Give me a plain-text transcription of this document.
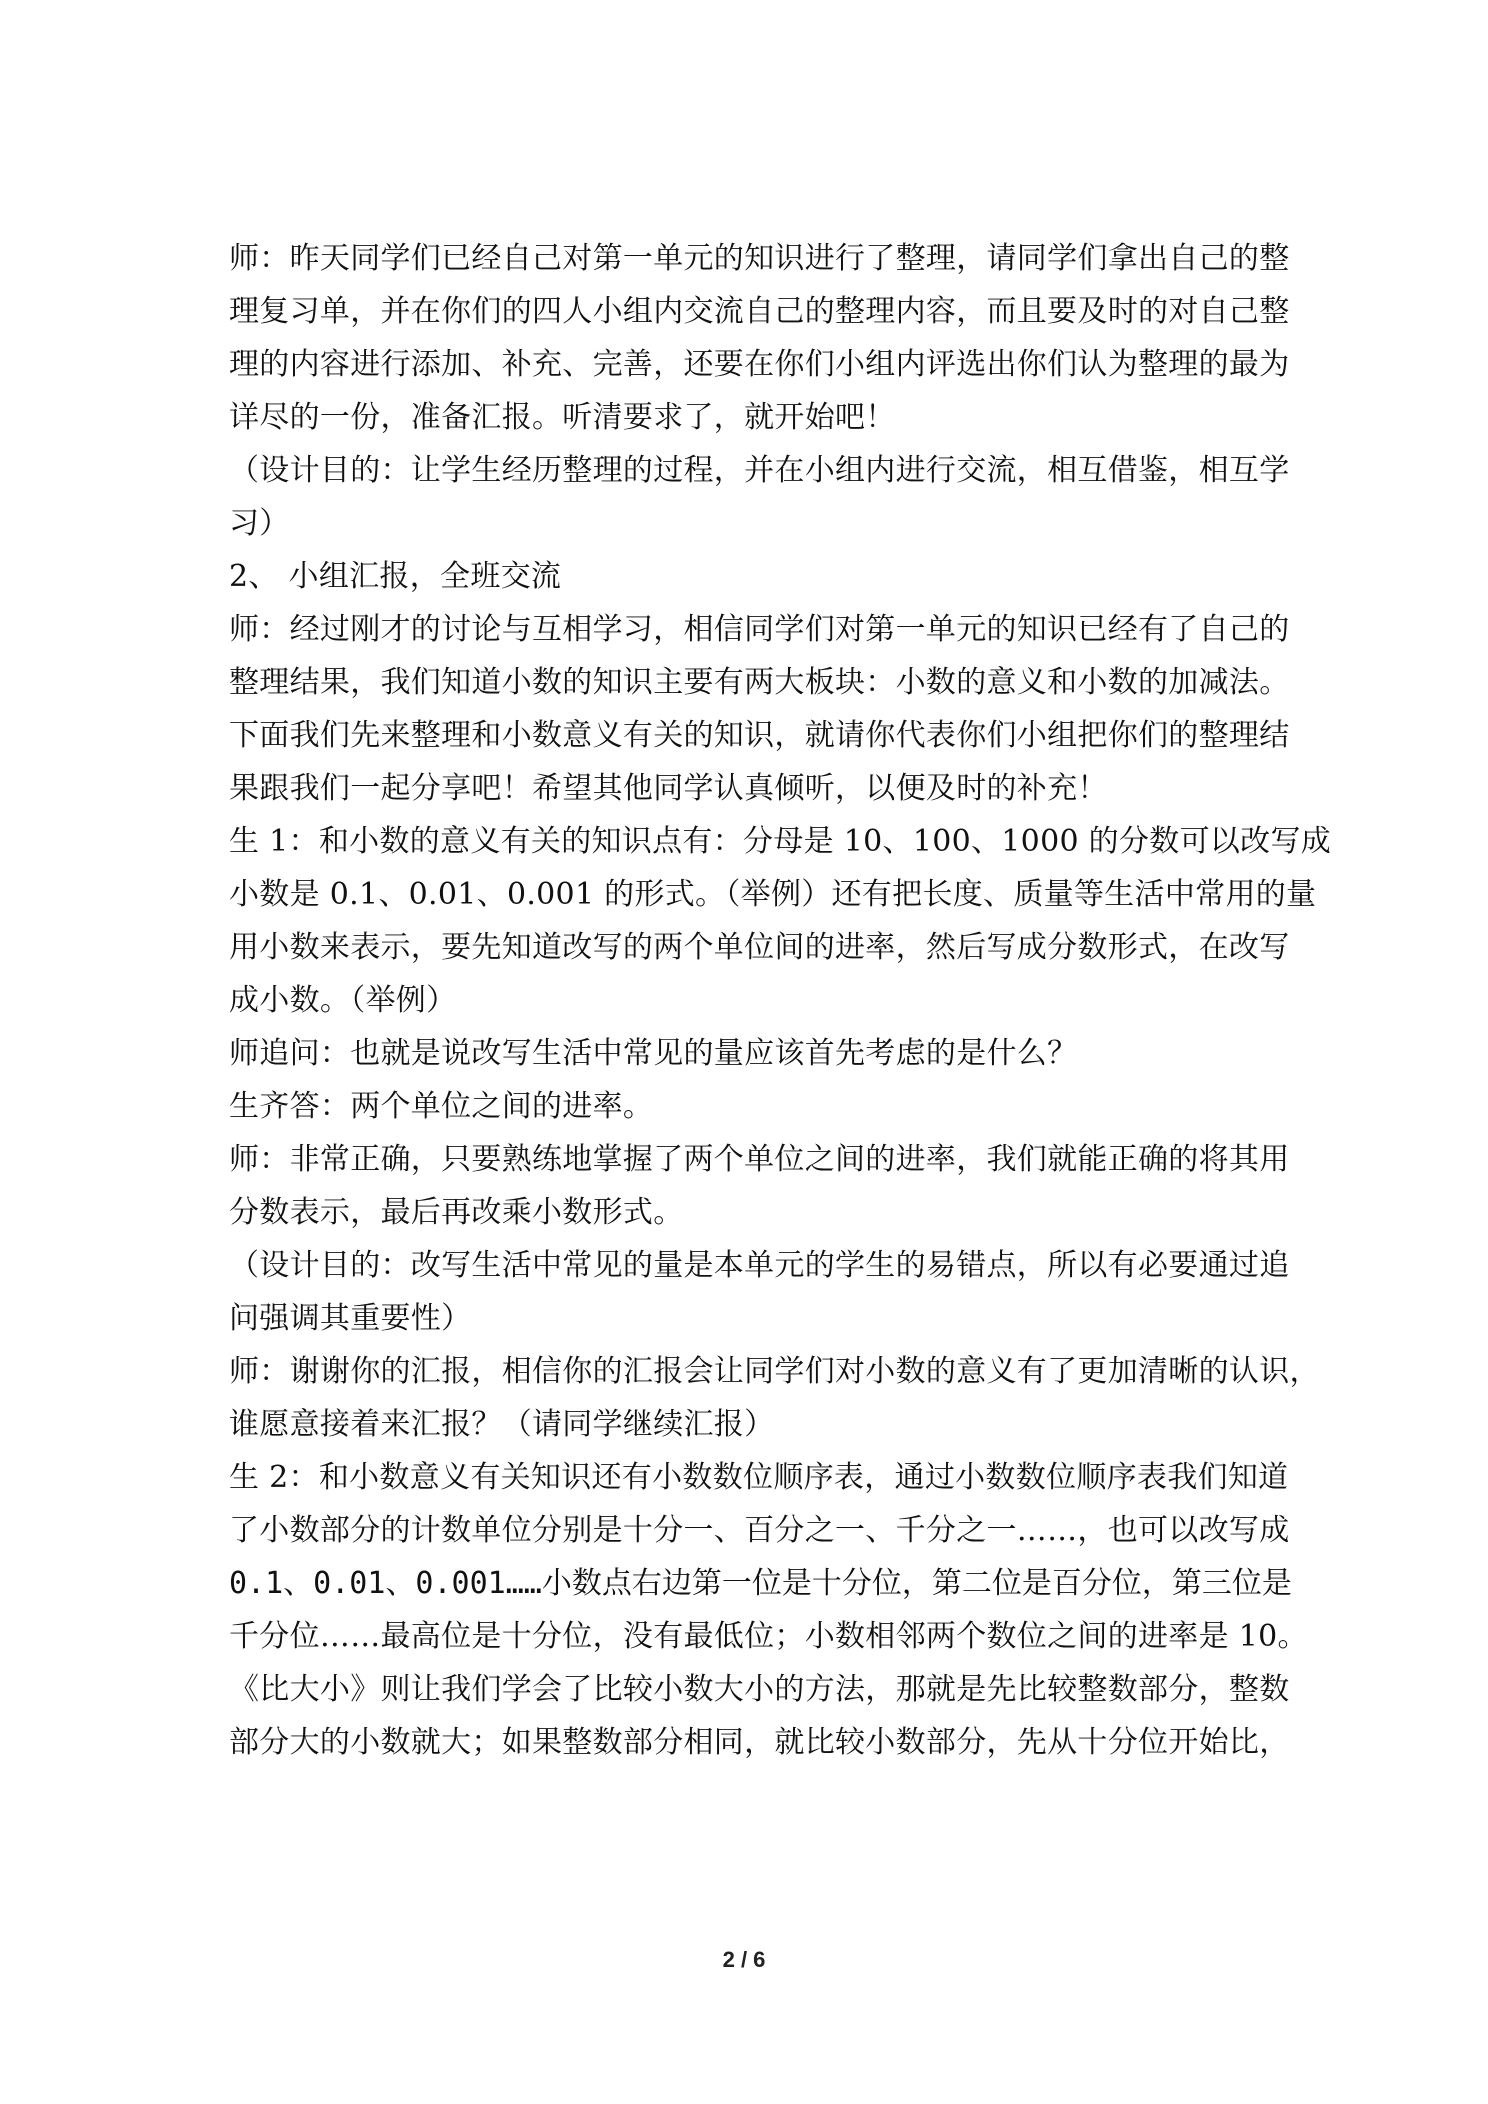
师：昨天同学们已经自己对第一单元的知识进行了整理，请同学们拿出自己的整
理复习单，并在你们的四人小组内交流自己的整理内容，而且要及时的对自己整
理的内容进行添加、补充、完善，还要在你们小组内评选出你们认为整理的最为
详尽的一份，准备汇报。听清要求了，就开始吧！
（设计目的：让学生经历整理的过程，并在小组内进行交流，相互借鉴，相互学
习）
2、 小组汇报，全班交流
师：经过刚才的讨论与互相学习，相信同学们对第一单元的知识已经有了自己的
整理结果，我们知道小数的知识主要有两大板块：小数的意义和小数的加减法。
下面我们先来整理和小数意义有关的知识，就请你代表你们小组把你们的整理结
果跟我们一起分享吧！希望其他同学认真倾听，以便及时的补充！
生 1：和小数的意义有关的知识点有：分母是 10、100、1000 的分数可以改写成
小数是 0.1、0.01、0.001 的形式。（举例）还有把长度、质量等生活中常用的量
用小数来表示，要先知道改写的两个单位间的进率，然后写成分数形式，在改写
成小数。（举例）
师追问：也就是说改写生活中常见的量应该首先考虑的是什么？
生齐答：两个单位之间的进率。
师：非常正确，只要熟练地掌握了两个单位之间的进率，我们就能正确的将其用
分数表示，最后再改乘小数形式。
（设计目的：改写生活中常见的量是本单元的学生的易错点，所以有必要通过追
问强调其重要性）
师：谢谢你的汇报，相信你的汇报会让同学们对小数的意义有了更加清晰的认识，
谁愿意接着来汇报？（请同学继续汇报）
生 2：和小数意义有关知识还有小数数位顺序表，通过小数数位顺序表我们知道
了小数部分的计数单位分别是十分一、百分之一、千分之一……，也可以改写成
0.1、0.01、0.001……小数点右边第一位是十分位，第二位是百分位，第三位是
千分位……最高位是十分位，没有最低位；小数相邻两个数位之间的进率是 10。
《比大小》则让我们学会了比较小数大小的方法，那就是先比较整数部分，整数
部分大的小数就大；如果整数部分相同，就比较小数部分，先从十分位开始比，
2 / 6
